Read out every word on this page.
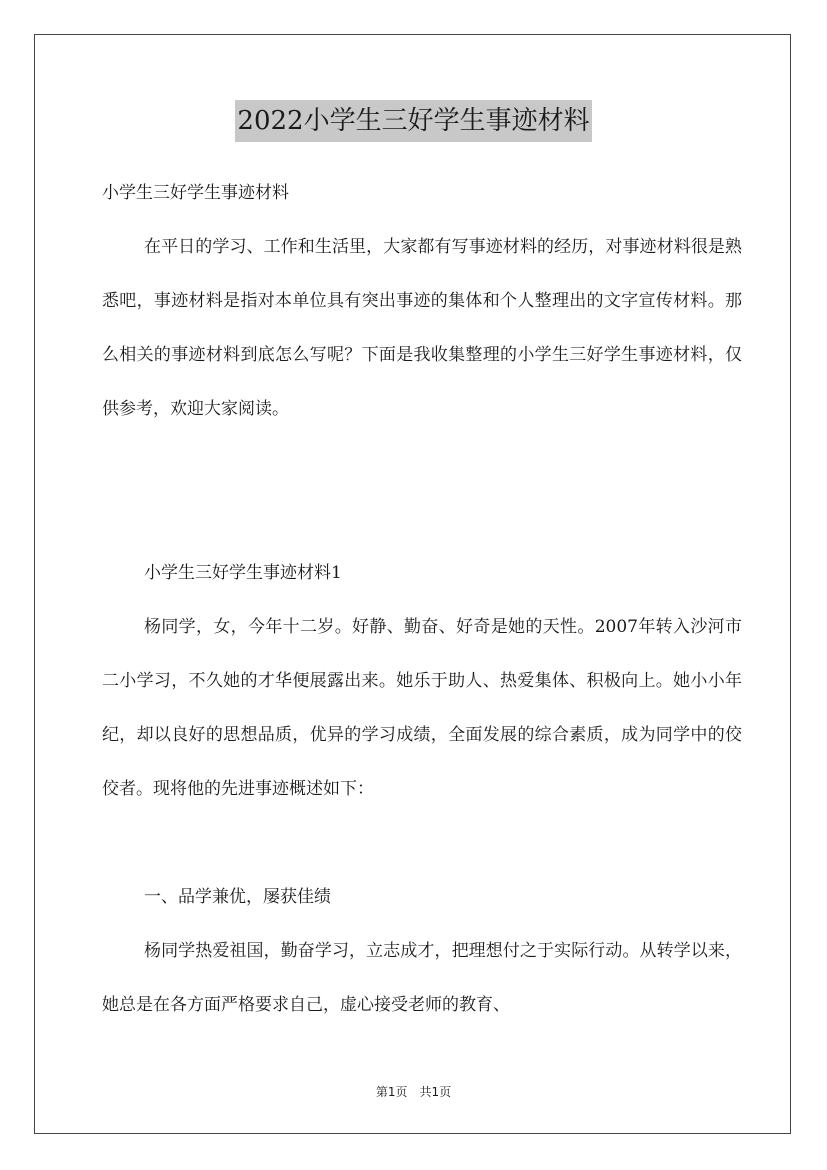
2022小学生三好学生事迹材料

小学生三好学生事迹材料

在平日的学习、工作和生活里，大家都有写事迹材料的经历，对事迹材料很是熟悉吧，事迹材料是指对本单位具有突出事迹的集体和个人整理出的文字宣传材料。那么相关的事迹材料到底怎么写呢？下面是我收集整理的小学生三好学生事迹材料，仅供参考，欢迎大家阅读。

小学生三好学生事迹材料1

杨同学，女，今年十二岁。好静、勤奋、好奇是她的天性。2007年转入沙河市二小学习，不久她的才华便展露出来。她乐于助人、热爱集体、积极向上。她小小年纪，却以良好的思想品质，优异的学习成绩，全面发展的综合素质，成为同学中的佼佼者。现将他的先进事迹概述如下：

一、品学兼优，屡获佳绩

杨同学热爱祖国，勤奋学习，立志成才，把理想付之于实际行动。从转学以来，她总是在各方面严格要求自己，虚心接受老师的教育、

第1页　共1页
